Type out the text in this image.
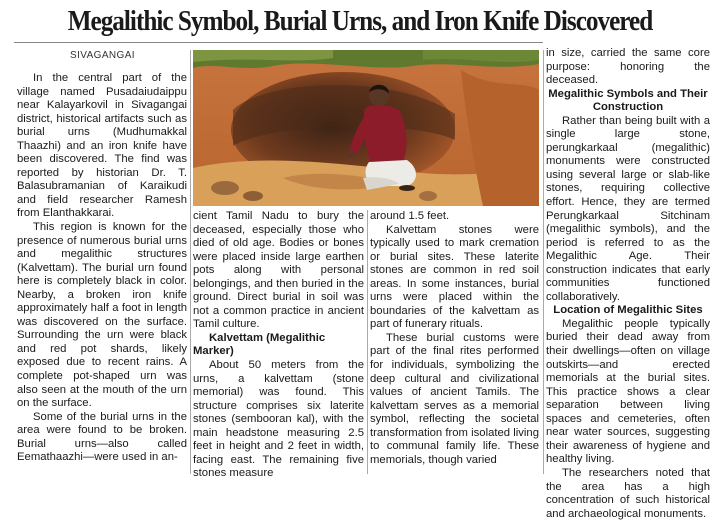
Megalithic Symbol, Burial Urns, and Iron Knife Discovered
SIVAGANGAI

In the central part of the village named Pusadaiudaippu near Kalayarkovil in Sivagangai district, historical artifacts such as burial urns (Mudhumakkal Thaazhi) and an iron knife have been discovered. The find was reported by historian Dr. T. Balasubramanian of Karaikudi and field researcher Ramesh from Elanthakkarai.

This region is known for the presence of numerous burial urns and megalithic structures (Kalvettam). The burial urn found here is completely black in color. Nearby, a broken iron knife approximately half a foot in length was discovered on the surface. Surrounding the urn were black and red pot shards, likely exposed due to recent rains. A complete pot-shaped urn was also seen at the mouth of the urn on the surface.

Some of the burial urns in the area were found to be broken. Burial urns—also called Eemathaazhi—were used in an-

cient Tamil Nadu to bury the deceased, especially those who died of old age. Bodies or bones were placed inside large earthen pots along with personal belongings, and then buried in the ground. Direct burial in soil was not a common practice in ancient Tamil culture.

Kalvettam (Megalithic Marker)

About 50 meters from the urns, a kalvettam (stone memorial) was found. This structure comprises six laterite stones (sembooran kal), with the main headstone measuring 2.5 feet in height and 2 feet in width, facing east. The remaining five stones measure

around 1.5 feet.

Kalvettam stones were typically used to mark cremation or burial sites. These laterite stones are common in red soil areas. In some instances, burial urns were placed within the boundaries of the kalvettam as part of funerary rituals.

These burial customs were part of the final rites performed for individuals, symbolizing the deep cultural and civilizational values of ancient Tamils. The kalvettam serves as a memorial symbol, reflecting the societal transformation from isolated living to communal family life. These memorials, though varied

in size, carried the same core purpose: honoring the deceased.

Megalithic Symbols and Their Construction

Rather than being built with a single large stone, perungkarkaal (megalithic) monuments were constructed using several large or slab-like stones, requiring collective effort. Hence, they are termed Perungkarkaal Sitchinam (megalithic symbols), and the period is referred to as the Megalithic Age. Their construction indicates that early communities functioned collaboratively.

Location of Megalithic Sites

Megalithic people typically buried their dead away from their dwellings—often on village outskirts—and erected memorials at the burial sites. This practice shows a clear separation between living spaces and cemeteries, often near water sources, suggesting their awareness of hygiene and healthy living.

The researchers noted that the area has a high concentration of such historical and archaeological monuments.
